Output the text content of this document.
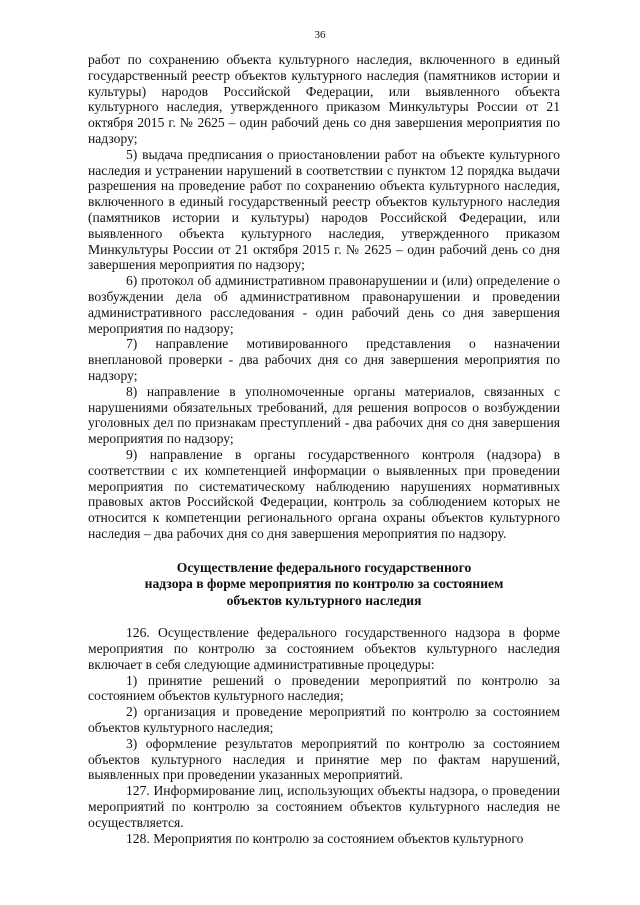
36

работ по сохранению объекта культурного наследия, включенного в единый государственный реестр объектов культурного наследия (памятников истории и культуры) народов Российской Федерации, или выявленного объекта культурного наследия, утвержденного приказом Минкультуры России от 21 октября 2015 г. № 2625 – один рабочий день со дня завершения мероприятия по надзору;

5) выдача предписания о приостановлении работ на объекте культурного наследия и устранении нарушений в соответствии с пунктом 12 порядка выдачи разрешения на проведение работ по сохранению объекта культурного наследия, включенного в единый государственный реестр объектов культурного наследия (памятников истории и культуры) народов Российской Федерации, или выявленного объекта культурного наследия, утвержденного приказом Минкультуры России от 21 октября 2015 г. № 2625 – один рабочий день со дня завершения мероприятия по надзору;

6) протокол об административном правонарушении и (или) определение о возбуждении дела об административном правонарушении и проведении административного расследования - один рабочий день со дня завершения мероприятия по надзору;

7) направление мотивированного представления о назначении внеплановой проверки - два рабочих дня со дня завершения мероприятия по надзору;

8) направление в уполномоченные органы материалов, связанных с нарушениями обязательных требований, для решения вопросов о возбуждении уголовных дел по признакам преступлений - два рабочих дня со дня завершения мероприятия по надзору;

9) направление в органы государственного контроля (надзора) в соответствии с их компетенцией информации о выявленных при проведении мероприятия по систематическому наблюдению нарушениях нормативных правовых актов Российской Федерации, контроль за соблюдением которых не относится к компетенции регионального органа охраны объектов культурного наследия – два рабочих дня со дня завершения мероприятия по надзору.

Осуществление федерального государственного
надзора в форме мероприятия по контролю за состоянием
объектов культурного наследия

126. Осуществление федерального государственного надзора в форме мероприятия по контролю за состоянием объектов культурного наследия включает в себя следующие административные процедуры:

1) принятие решений о проведении мероприятий по контролю за состоянием объектов культурного наследия;

2) организация и проведение мероприятий по контролю за состоянием объектов культурного наследия;

3) оформление результатов мероприятий по контролю за состоянием объектов культурного наследия и принятие мер по фактам нарушений, выявленных при проведении указанных мероприятий.

127. Информирование лиц, использующих объекты надзора, о проведении мероприятий по контролю за состоянием объектов культурного наследия не осуществляется.

128. Мероприятия по контролю за состоянием объектов культурного
